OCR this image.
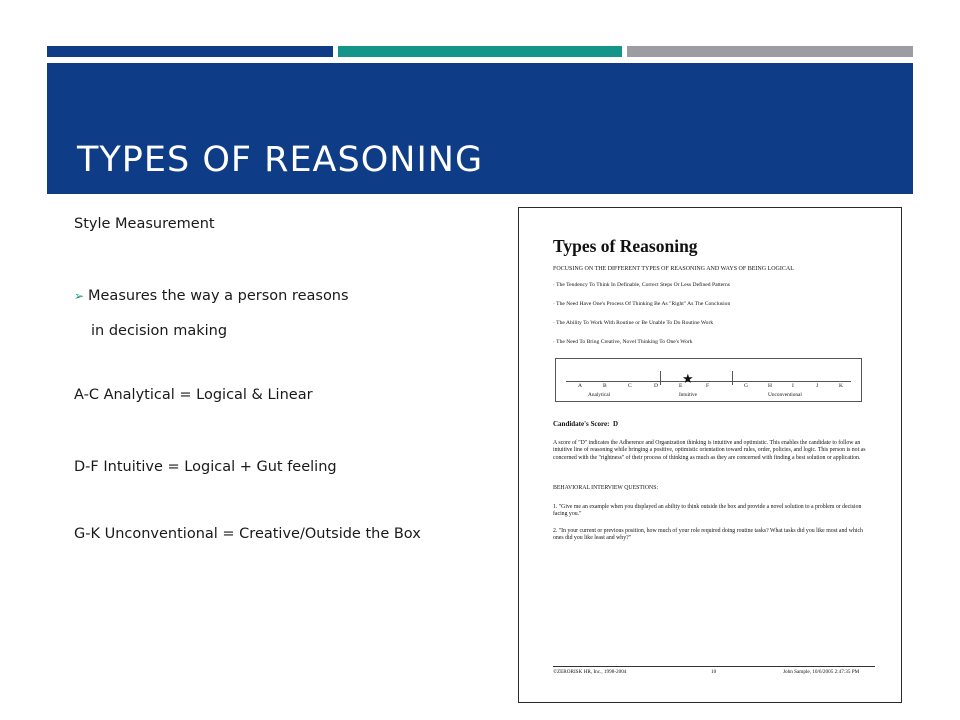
TYPES OF REASONING
Style Measurement
➢ Measures the way a person reasons
in decision making
A-C Analytical = Logical & Linear
D-F Intuitive = Logical + Gut feeling
G-K Unconventional = Creative/Outside the Box
Types of Reasoning
FOCUSING ON THE DIFFERENT TYPES OF REASONING AND WAYS OF BEING LOGICAL
· The Tendency To Think In Definable, Correct Steps Or Less Defined Patterns
· The Need Have One's Process Of Thinking Be As "Right" As The Conclusion
· The Ability To Work With Routine or Be Unable To Do Routine Work
· The Need To Bring Creative, Novel Thinking To One's Work
★
A	B	C	D	E	F	G	H	I	J	K
Analytical	Intuitive	Unconventional
Candidate's Score: D
A score of "D" indicates the Adherence and Organization thinking is intuitive and optimistic. This enables the candidate to follow an intuitive line of reasoning while bringing a positive, optimistic orientation toward rules, order, policies, and logic. This person is not as concerned with the "rightness" of their process of thinking as much as they are concerned with finding a best solution or application.
BEHAVIORAL INTERVIEW QUESTIONS:
1. "Give me an example when you displayed an ability to think outside the box and provide a novel solution to a problem or decision facing you."
2. "In your current or previous position, how much of your role required doing routine tasks? What tasks did you like most and which ones did you like least and why?"
©ZERORISK HR, Inc., 1998-2004	10	John Sample, 10/6/2005 2:47:35 PM
